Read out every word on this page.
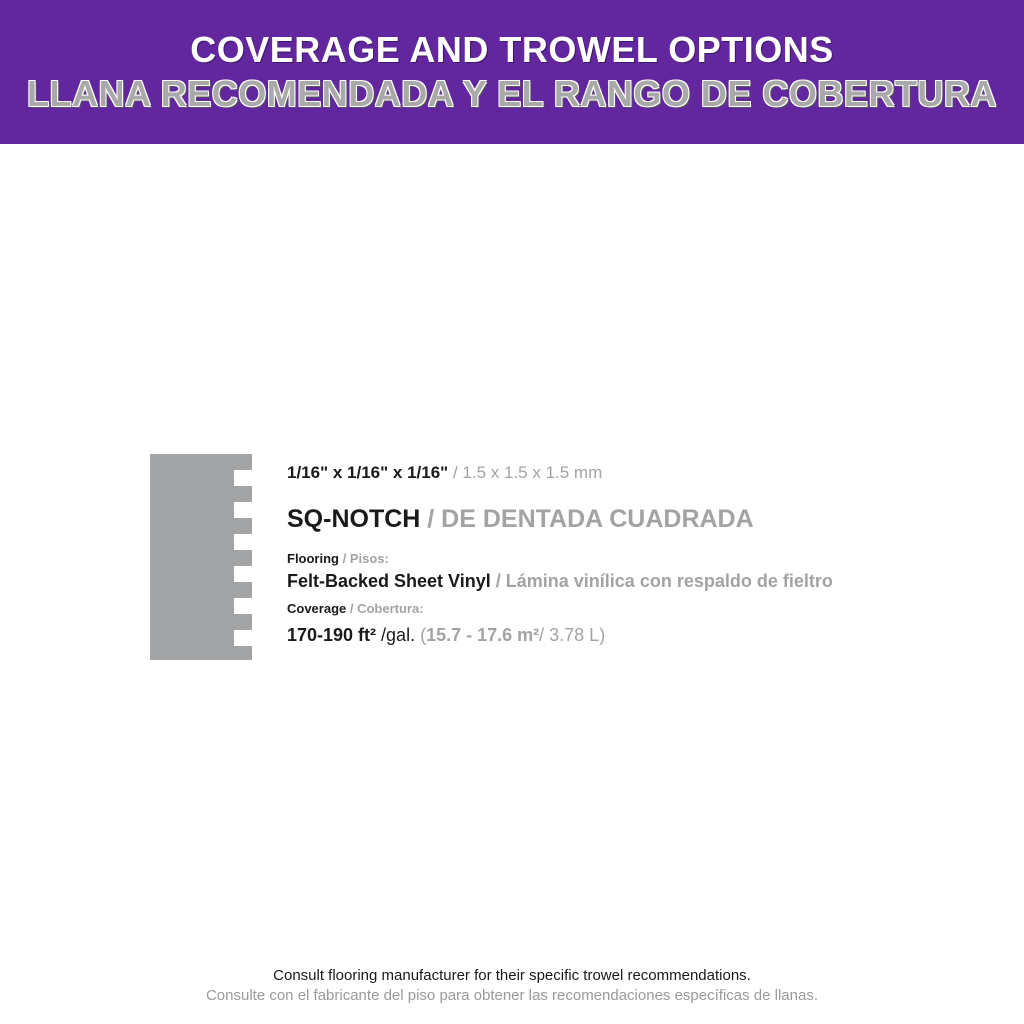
COVERAGE AND TROWEL OPTIONS
LLANA RECOMENDADA Y EL RANGO DE COBERTURA
1/16" x 1/16" x 1/16" / 1.5 x 1.5 x 1.5 mm
SQ-NOTCH / DE DENTADA CUADRADA
Flooring / Pisos:
Felt-Backed Sheet Vinyl / Lámina vinílica con respaldo de fieltro
Coverage / Cobertura:
170-190 ft² /gal. (15.7 - 17.6 m²/ 3.78 L)
Consult flooring manufacturer for their specific trowel recommendations.
Consulte con el fabricante del piso para obtener las recomendaciones específicas de llanas.
